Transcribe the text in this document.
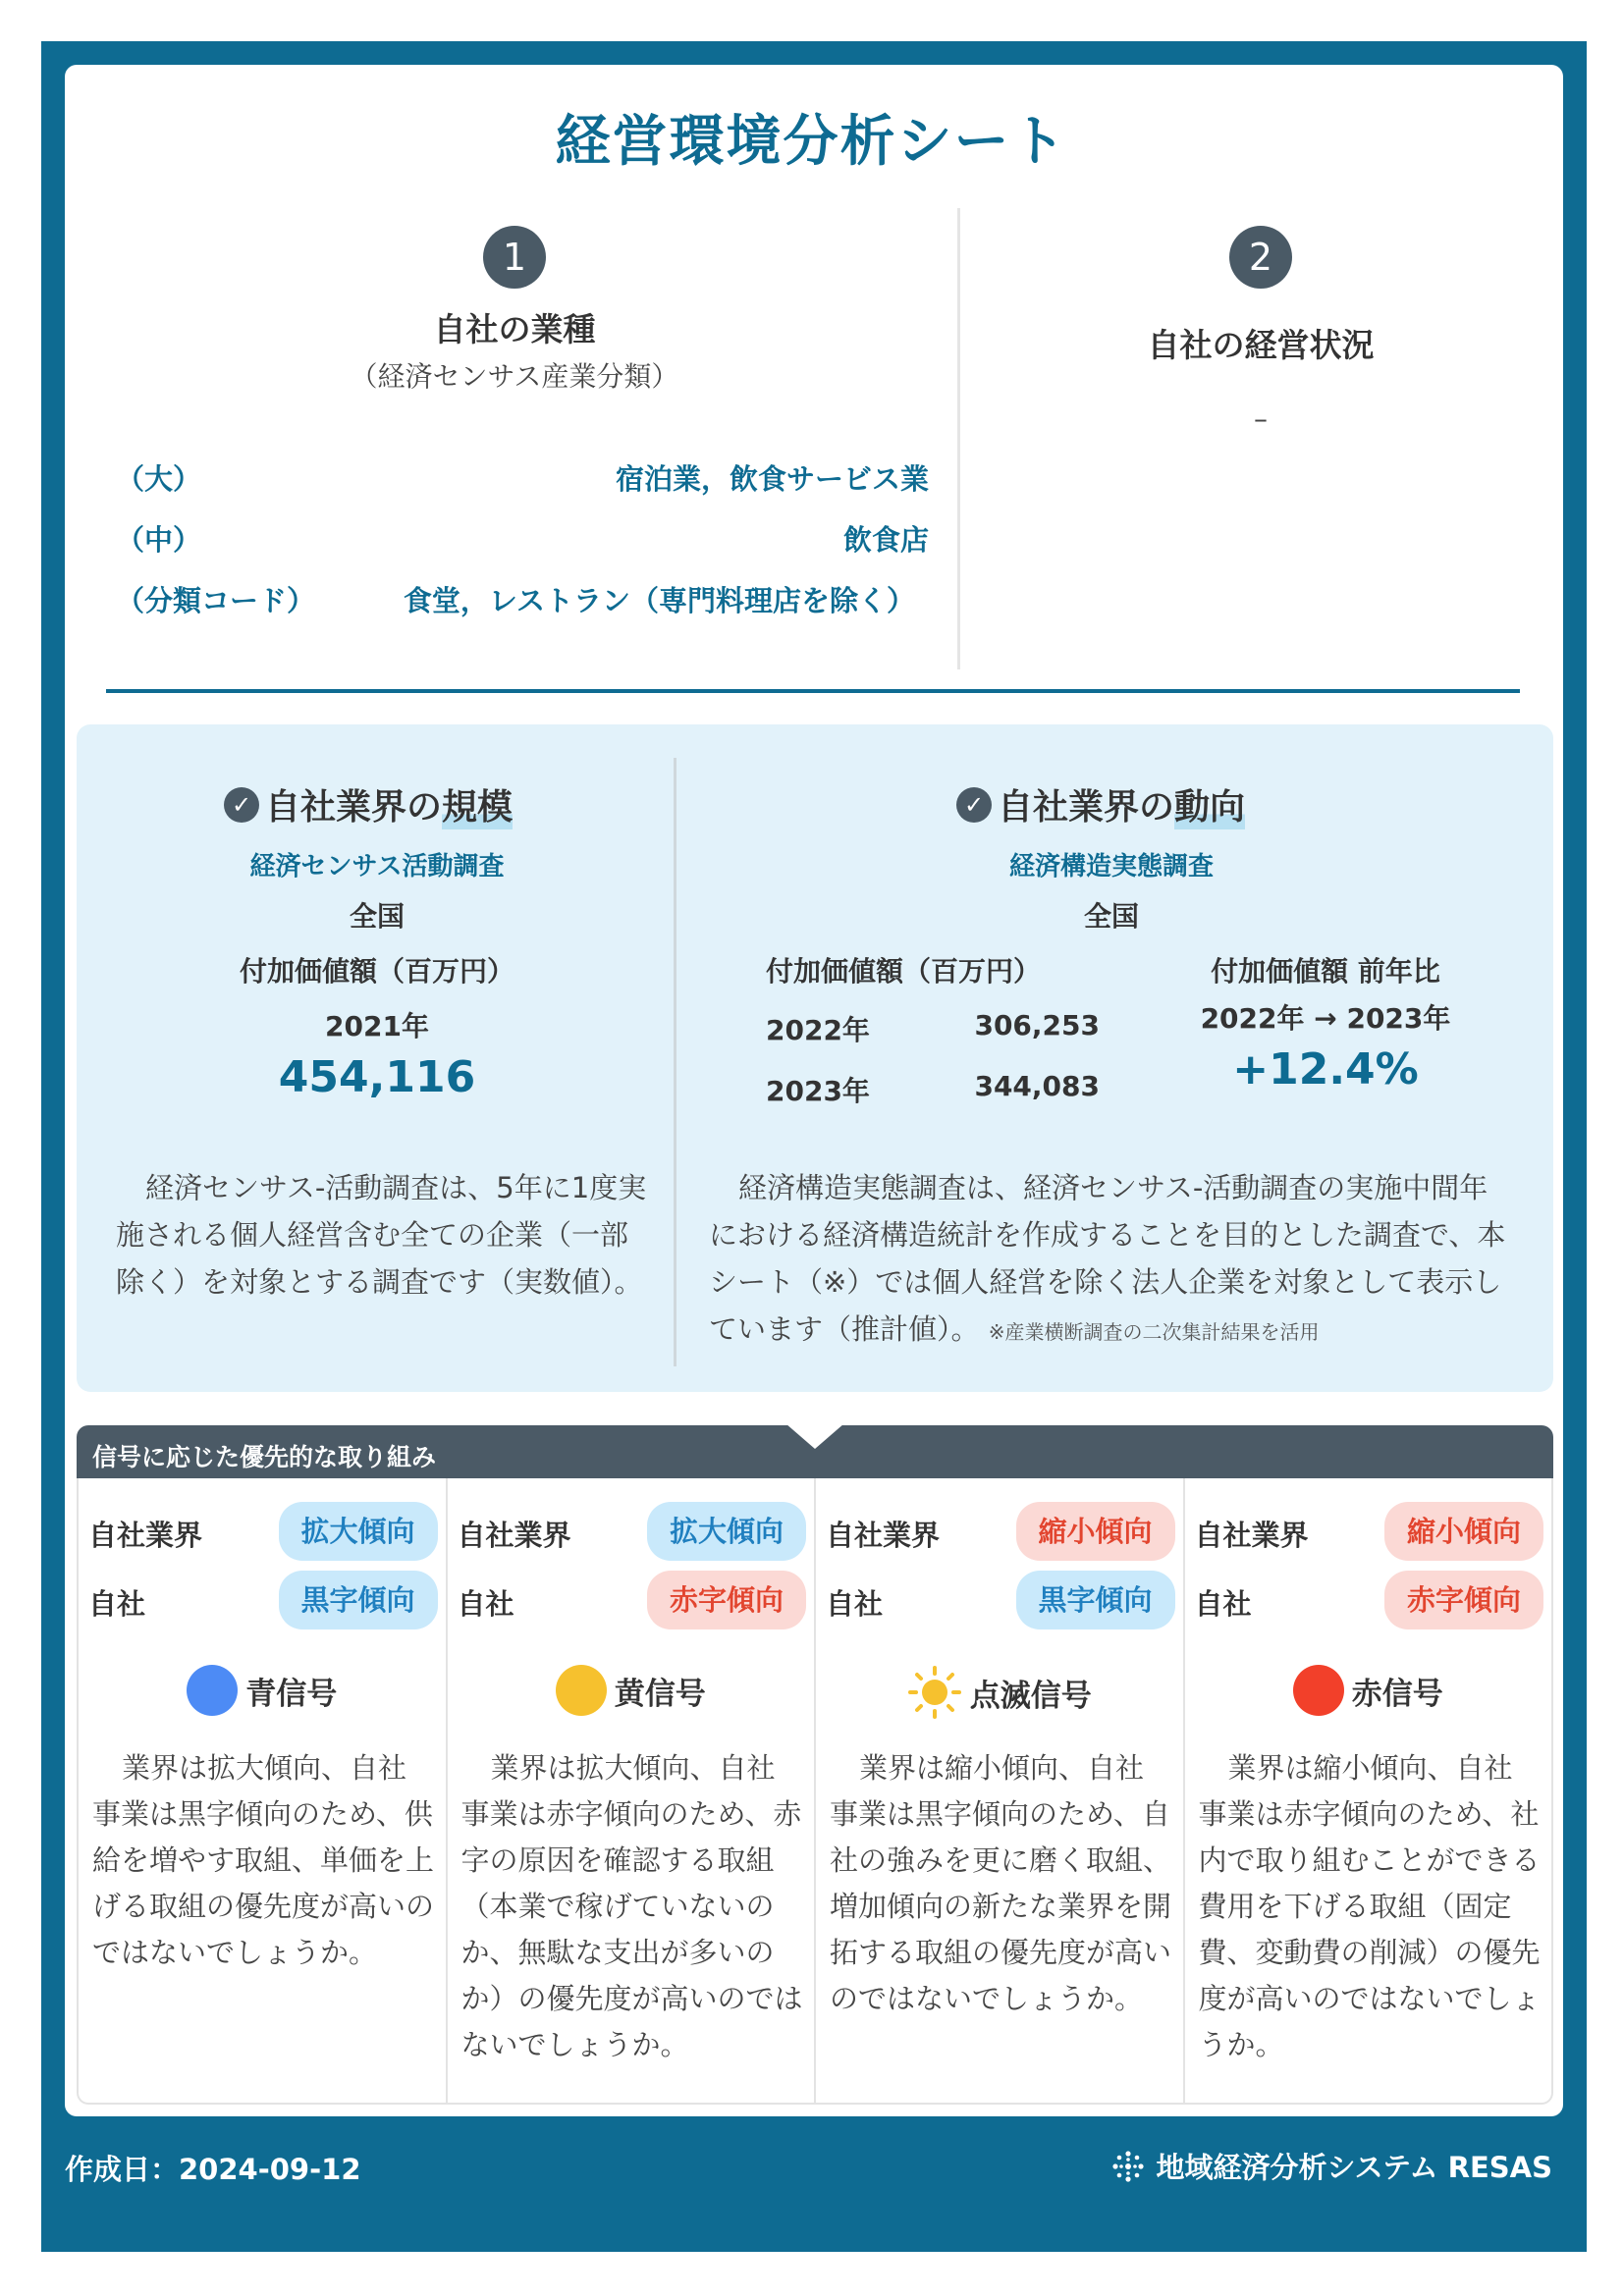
経営環境分析シート
1
自社の業種
（経済センサス産業分類）
（大）	宿泊業，飲食サービス業
（中）	飲食店
（分類コード）	食堂，レストラン（専門料理店を除く）
2
自社の経営状況
–
✓ 自社業界の 規模
経済センサス活動調査
全国
付加価値額（百万円）
2021年
454,116
経済センサス-活動調査は、5年に1度実施される個人経営含む全ての企業（一部除く）を対象とする調査です（実数値）。
✓ 自社業界の 動向
経済構造実態調査
全国
付加価値額（百万円）
2022年	306,253
2023年	344,083
付加価値額 前年比
2022年 → 2023年
+12.4%
経済構造実態調査は、経済センサス-活動調査の実施中間年における経済構造統計を作成することを目的とした調査で、本シート（※）では個人経営を除く法人企業を対象として表示しています（推計値）。 ※産業横断調査の二次集計結果を活用
信号に応じた優先的な取り組み
自社業界	拡大傾向
自社	黒字傾向
青信号
業界は拡大傾向、自社事業は黒字傾向のため、供給を増やす取組、単価を上げる取組の優先度が高いのではないでしょうか。
自社業界	拡大傾向
自社	赤字傾向
黄信号
業界は拡大傾向、自社事業は赤字傾向のため、赤字の原因を確認する取組（本業で稼げていないのか、無駄な支出が多いのか）の優先度が高いのではないでしょうか。
自社業界	縮小傾向
自社	黒字傾向
点滅信号
業界は縮小傾向、自社事業は黒字傾向のため、自社の強みを更に磨く取組、増加傾向の新たな業界を開拓する取組の優先度が高いのではないでしょうか。
自社業界	縮小傾向
自社	赤字傾向
赤信号
業界は縮小傾向、自社事業は赤字傾向のため、社内で取り組むことができる費用を下げる取組（固定費、変動費の削減）の優先度が高いのではないでしょうか。
作成日：2024-09-12	地域経済分析システム RESAS
